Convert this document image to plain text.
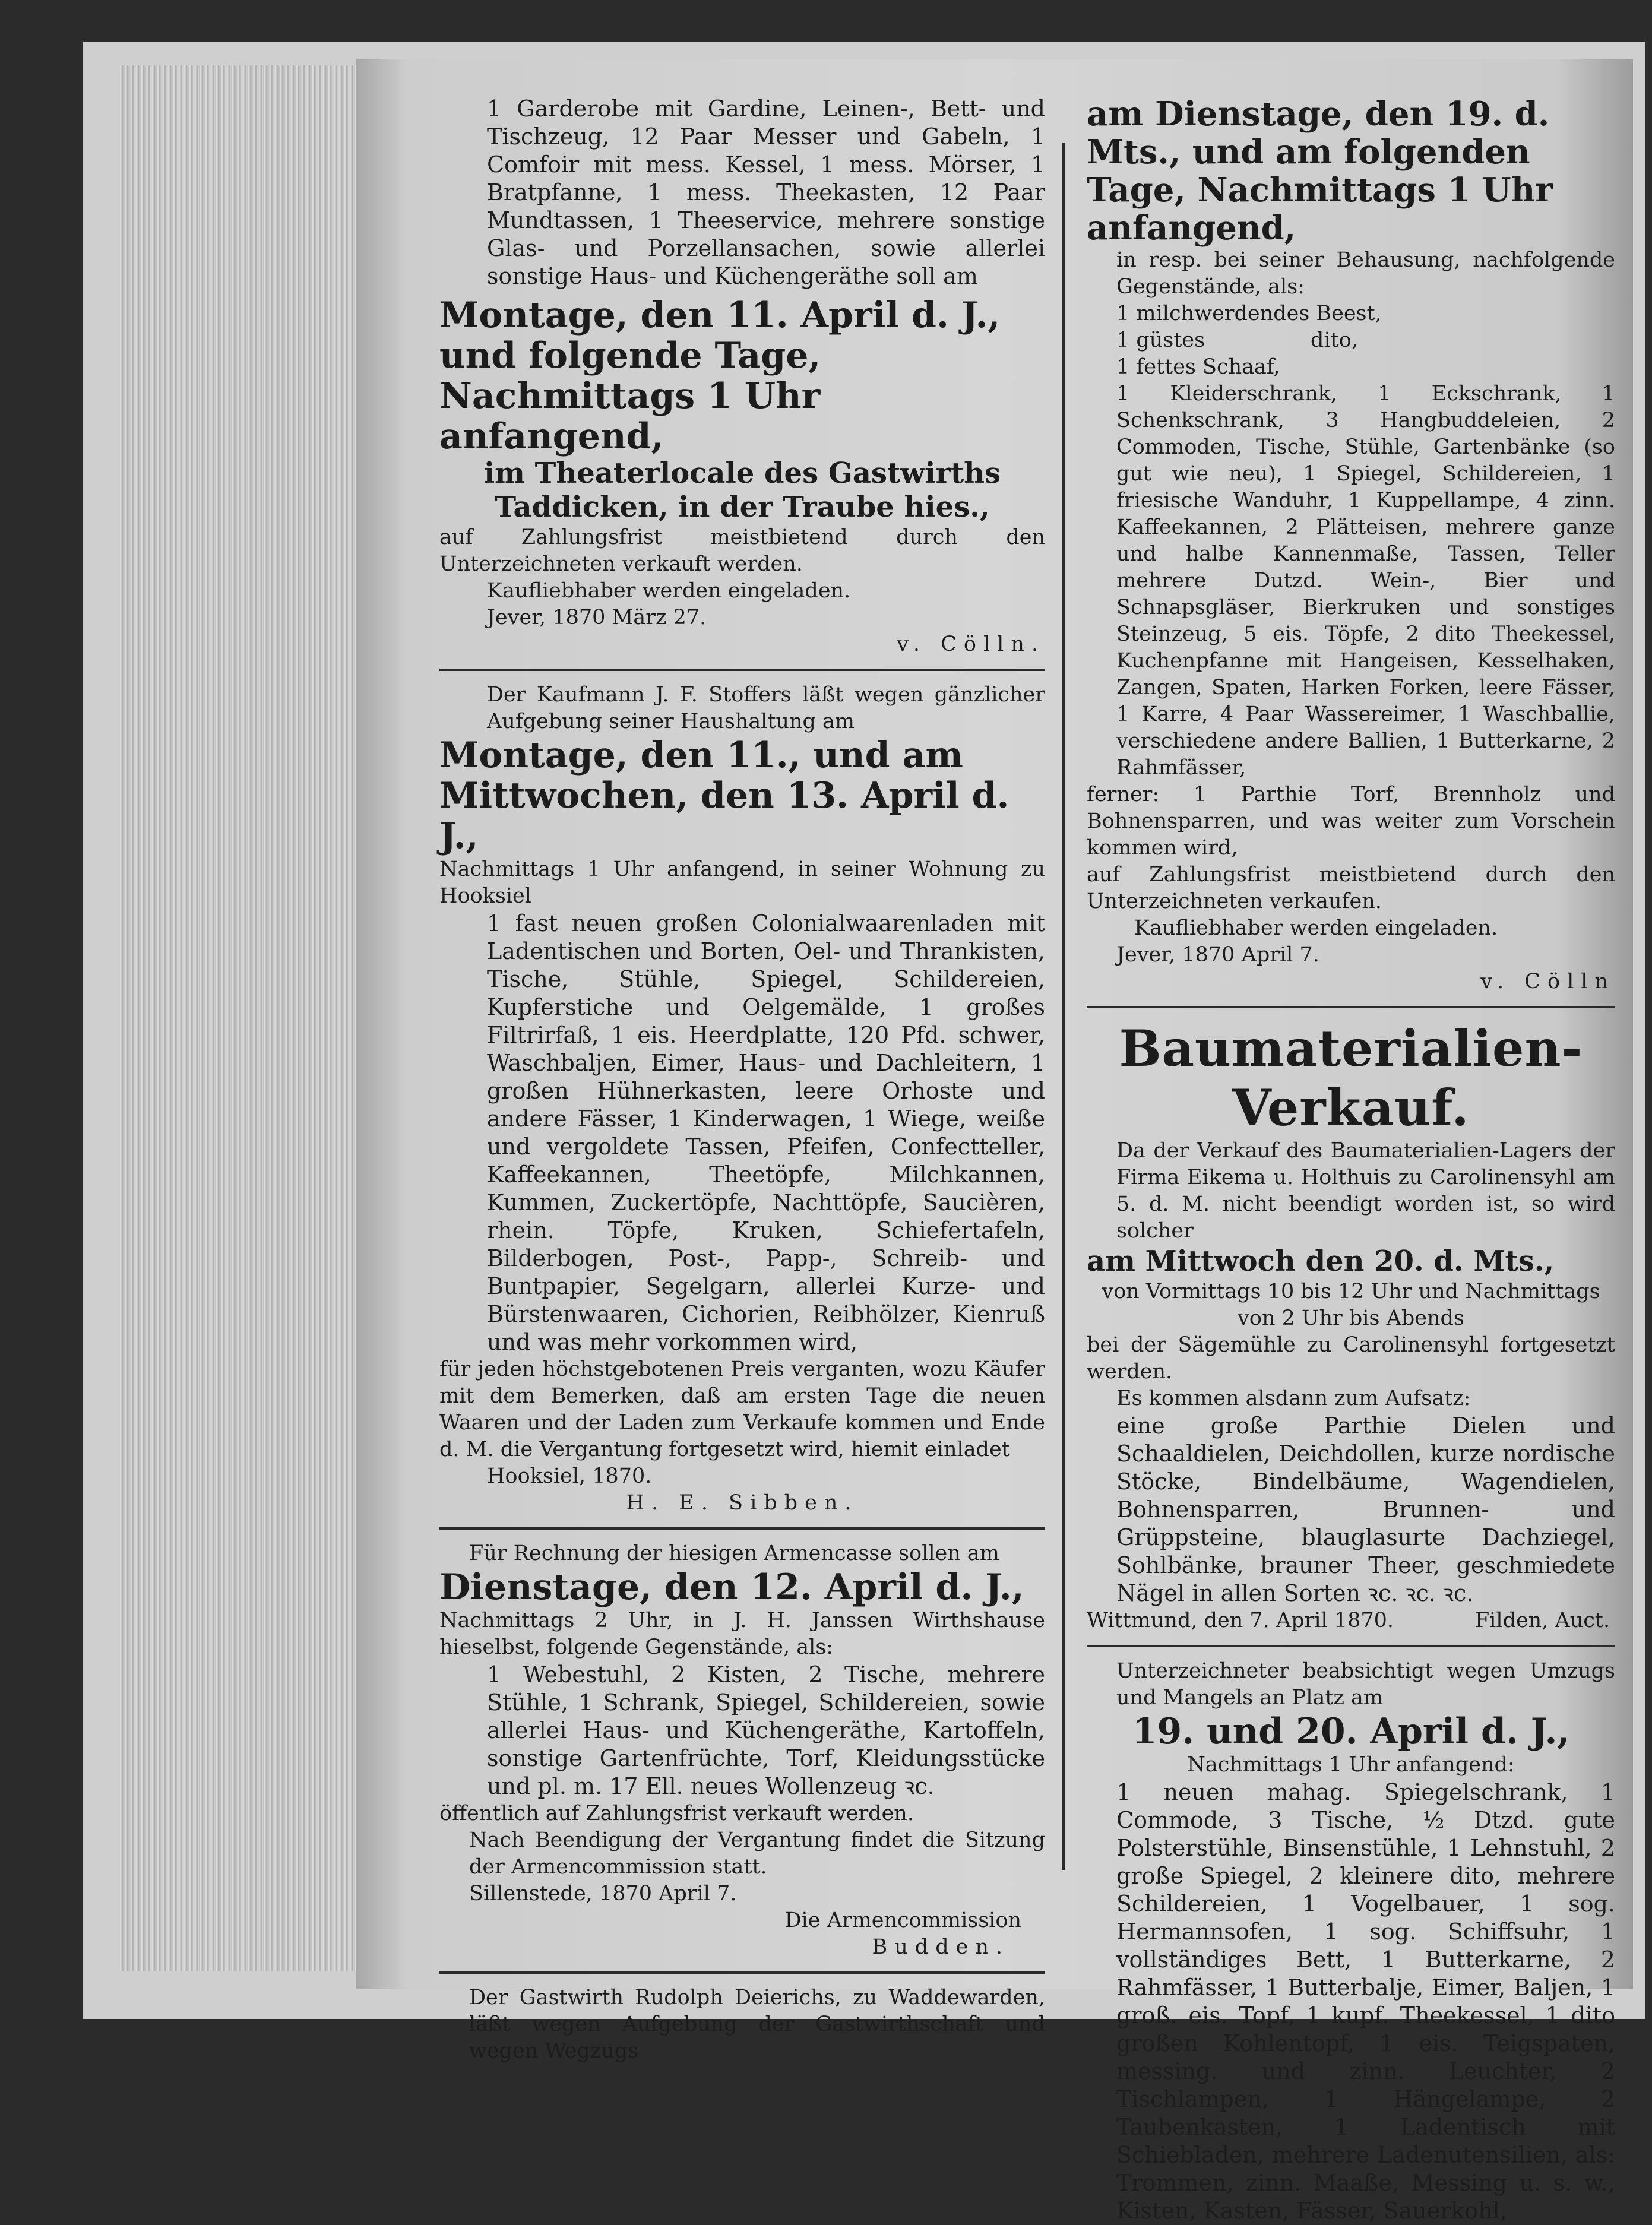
1 Garderobe mit Gardine, Leinen-, Bett- und Tischzeug, 12 Paar Messer und Gabeln, 1 Comfoir mit mess. Kessel, 1 mess. Mörser, 1 Bratpfanne, 1 mess. Theekasten, 12 Paar Mundtassen, 1 Theeservice, mehrere sonstige Glas- und Porzellansachen, sowie allerlei sonstige Haus- und Küchengeräthe soll am

Montage, den 11. April d. J., und folgende Tage, Nachmittags 1 Uhr anfangend,

im Theaterlocale des Gastwirths Taddicken, in der Traube hies.,

auf Zahlungsfrist meistbietend durch den Unterzeichneten verkauft werden.

Kaufliebhaber werden eingeladen.

Jever, 1870 März 27.

v. Cölln.

Der Kaufmann J. F. Stoffers läßt wegen gänzlicher Aufgebung seiner Haushaltung am

Montage, den 11., und am Mittwochen, den 13. April d. J.,

Nachmittags 1 Uhr anfangend, in seiner Wohnung zu Hooksiel

1 fast neuen großen Colonialwaarenladen mit Ladentischen und Borten, Oel- und Thrankisten, Tische, Stühle, Spiegel, Schildereien, Kupferstiche und Oelgemälde, 1 großes Filtrirfaß, 1 eis. Heerdplatte, 120 Pfd. schwer, Waschbalјen, Eimer, Haus- und Dachleitern, 1 großen Hühnerkasten, leere Orhoste und andere Fässer, 1 Kinderwagen, 1 Wiege, weiße und vergoldete Tassen, Pfeifen, Confectteller, Kaffeekannen, Theetöpfe, Milchkannen, Kummen, Zuckertöpfe, Nachttöpfe, Saucièren, rhein. Töpfe, Kruken, Schiefertafeln, Bilderbogen, Post-, Papp-, Schreib- und Buntpapier, Segelgarn, allerlei Kurze- und Bürstenwaaren, Cichorien, Reibhölzer, Kienruß und was mehr vorkommen wird,

für jeden höchstgebotenen Preis verganten, wozu Käufer mit dem Bemerken, daß am ersten Tage die neuen Waaren und der Laden zum Verkaufe kommen und Ende d. M. die Vergantung fortgesetzt wird, hiemit einladet

Hooksiel, 1870.

H. E. Sibben.

Für Rechnung der hiesigen Armencasse sollen am

Dienstage, den 12. April d. J.,

Nachmittags 2 Uhr, in J. H. Janssen Wirthshause hieselbst, folgende Gegenstände, als:

1 Webestuhl, 2 Kisten, 2 Tische, mehrere Stühle, 1 Schrank, Spiegel, Schildereien, sowie allerlei Haus- und Küchengeräthe, Kartoffeln, sonstige Gartenfrüchte, Torf, Kleidungsstücke und pl. m. 17 Ell. neues Wollenzeug ꝛc.

öffentlich auf Zahlungsfrist verkauft werden.

Nach Beendigung der Vergantung findet die Sitzung der Armencommission statt.

Sillenstede, 1870 April 7.

Die Armencommission

Budden.

Der Gastwirth Rudolph Deierichs, zu Waddewarden, läßt wegen Aufgebung der Gastwirthschaft und wegen Wegzugs

am Dienstage, den 19. d. Mts., und am folgenden Tage, Nachmittags 1 Uhr anfangend,

in resp. bei seiner Behausung, nachfolgende Gegenstände, als:

1 milchwerdendes Beest,

1 güstes                dito,

1 fettes Schaaf,

1 Kleiderschrank, 1 Eckschrank, 1 Schenkschrank, 3 Hangbuddeleien, 2 Commoden, Tische, Stühle, Gartenbänke (so gut wie neu), 1 Spiegel, Schildereien, 1 friesische Wanduhr, 1 Kuppellampe, 4 zinn. Kaffeekannen, 2 Plätteisen, mehrere ganze und halbe Kannenmaße, Tassen, Teller mehrere Dutzd. Wein-, Bier und Schnapsgläser, Bierkruken und sonstiges Steinzeug, 5 eis. Töpfe, 2 dito Theekessel, Kuchenpfanne mit Hangeisen, Kesselhaken, Zangen, Spaten, Harken Forken, leere Fässer, 1 Karre, 4 Paar Wassereimer, 1 Waschballie, verschiedene andere Ballien, 1 Butterkarne, 2 Rahmfässer,

ferner: 1 Parthie Torf, Brennholz und Bohnensparren, und was weiter zum Vorschein kommen wird,

auf Zahlungsfrist meistbietend durch den Unterzeichneten verkaufen.

Kaufliebhaber werden eingeladen.

Jever, 1870 April 7.

v. Cölln

Baumaterialien-Verkauf.

Da der Verkauf des Baumaterialien-Lagers der Firma Eikema u. Holthuis zu Carolinensyhl am 5. d. M. nicht beendigt worden ist, so wird solcher

am Mittwoch den 20. d. Mts.,

von Vormittags 10 bis 12 Uhr und Nachmittags von 2 Uhr bis Abends

bei der Sägemühle zu Carolinensyhl fortgesetzt werden.

Es kommen alsdann zum Aufsatz:

eine große Parthie Dielen und Schaaldielen, Deichdollen, kurze nordische Stöcke, Bindelbäume, Wagendielen, Bohnensparren, Brunnen- und Grüppsteine, blauglasurte Dachziegel, Sohlbänke, brauner Theer, geschmiedete Nägel in allen Sorten ꝛc. ꝛc. ꝛc.

Wittmund, den 7. April 1870.	Filden, Auct.

Unterzeichneter beabsichtigt wegen Umzugs und Mangels an Platz am

19. und 20. April d. J.,

Nachmittags 1 Uhr anfangend:

1 neuen mahag. Spiegelschrank, 1 Commode, 3 Tische, ½ Dtzd. gute Polsterstühle, Binsenstühle, 1 Lehnstuhl, 2 große Spiegel, 2 kleinere dito, mehrere Schildereien, 1 Vogelbauer, 1 sog. Hermannsofen, 1 sog. Schiffsuhr, 1 vollständiges Bett, 1 Butterkarne, 2 Rahmfässer, 1 Butterbalje, Eimer, Baljen, 1 groß. eis. Topf, 1 kupf. Theekessel, 1 dito großen Kohlentopf, 1 eis. Teigspaten, messing. und zinn. Leuchter, 2 Tischlampen, 1 Hängelampe, 2 Taubenkasten, 1 Ladentisch mit Schiebladen, mehrere Ladenutensilien, als: Trommen, zinn. Maaße, Messing u. s. w., Kisten, Kasten, Fässer, Sauerkohl,
